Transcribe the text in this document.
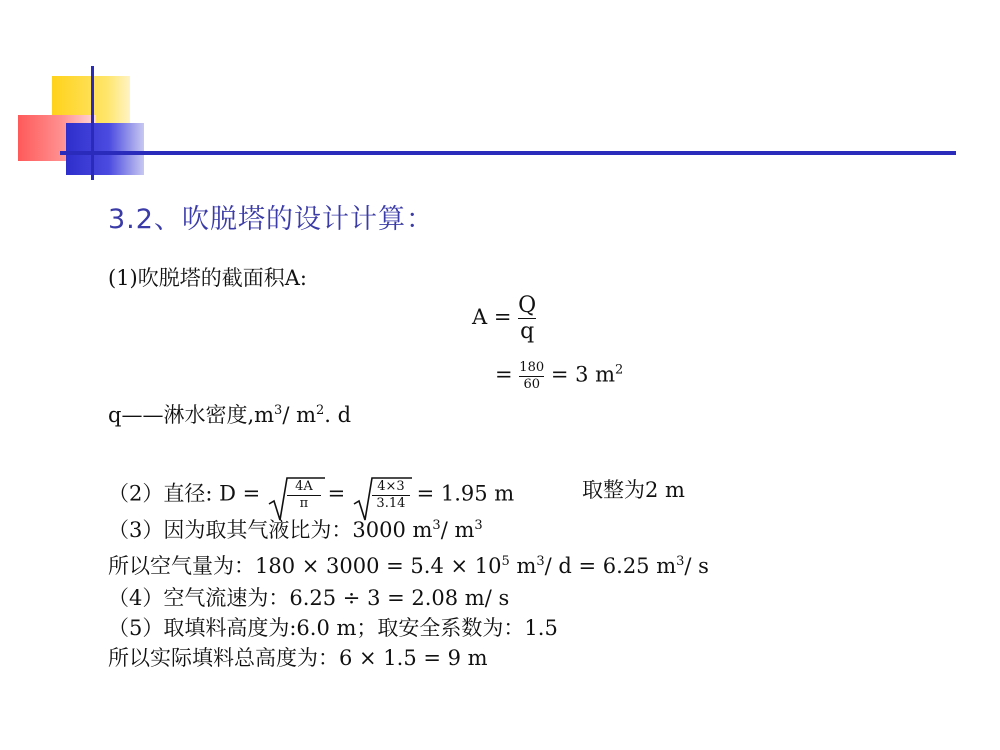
3.2、吹脱塔的设计计算：
(1)吹脱塔的截面积A:
$A = \frac{Q}{q}$
= $\frac{180}{60} = 3$ $m^2$
q——淋水密度$,m^3/$ $m^2$. d
（2）直径: $D = \frac{4A}{\pi} = \frac{4\times 3}{3.14} = 1.95$ m	取整为2 m
（3）因为取其气液比为：3000 $m^3/$ $m^3$
所以空气量为：$180 \times 3000 = 5.4 \times 10^5$ $m^3/$ d = 6.25 $m^3/$ s
（4）空气流速为：6.25 ÷ 3 = 2.08 m/ s
（5）取填料高度为:6.0 m；取安全系数为：1.5
所以实际填料总高度为：6 × 1.5 = 9 m
